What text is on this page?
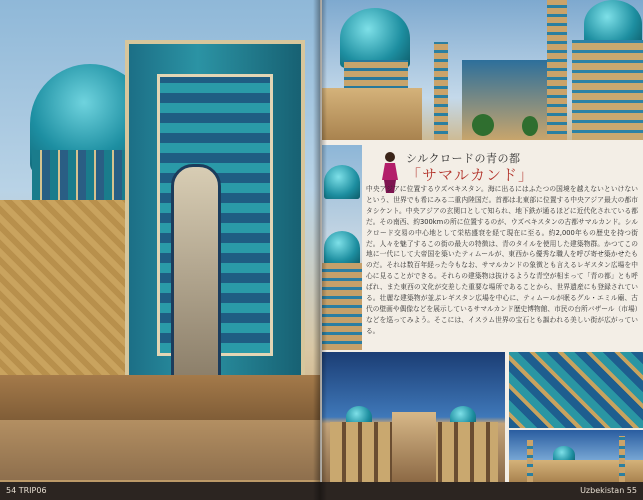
54 TRIP06
シルクロードの青の都
「サマルカンド」
中央アジアに位置するウズベキスタン。海に出るにはふたつの国境を越えないといけないという、世界でも希にみる二重内陸国だ。首都は北東部に位置する中央アジア最大の都市タシケント。中央アジアの玄関口として知られ、地下鉄が通るほどに近代化されている都だ。その南西、約300kmの所に位置するのが、ウズベキスタンの古都サマルカンド。シルクロード交易の中心地として栄枯盛衰を経て現在に至る。約2,000年もの歴史を持つ街だ。人々を魅了するこの街の最大の特徴は、青のタイルを使用した建築物群。かつてこの地に一代にして大帝国を築いたティムールが、東西から優秀な職人を呼び寄せ築かせたものだ。それは数百年経った今もなお、サマルカンドの象徴とも言えるレギスタン広場を中心に見ることができる。それらの建築物は抜けるような青空が相まって「青の都」とも呼ばれ、また東西の文化が交差した重要な場所であることから、世界遺産にも登録されている。壮麗な建築物が並ぶレギスタン広場を中心に、ティムールが眠るグル・エミル廟、古代の壁画や偶像などを展示しているサマルカンド歴史博物館、市民の台所バザール（市場）などを巡ってみよう。そこには、イスラム世界の宝石とも謳われる美しい街が広がっている。
Uzbekistan 55
